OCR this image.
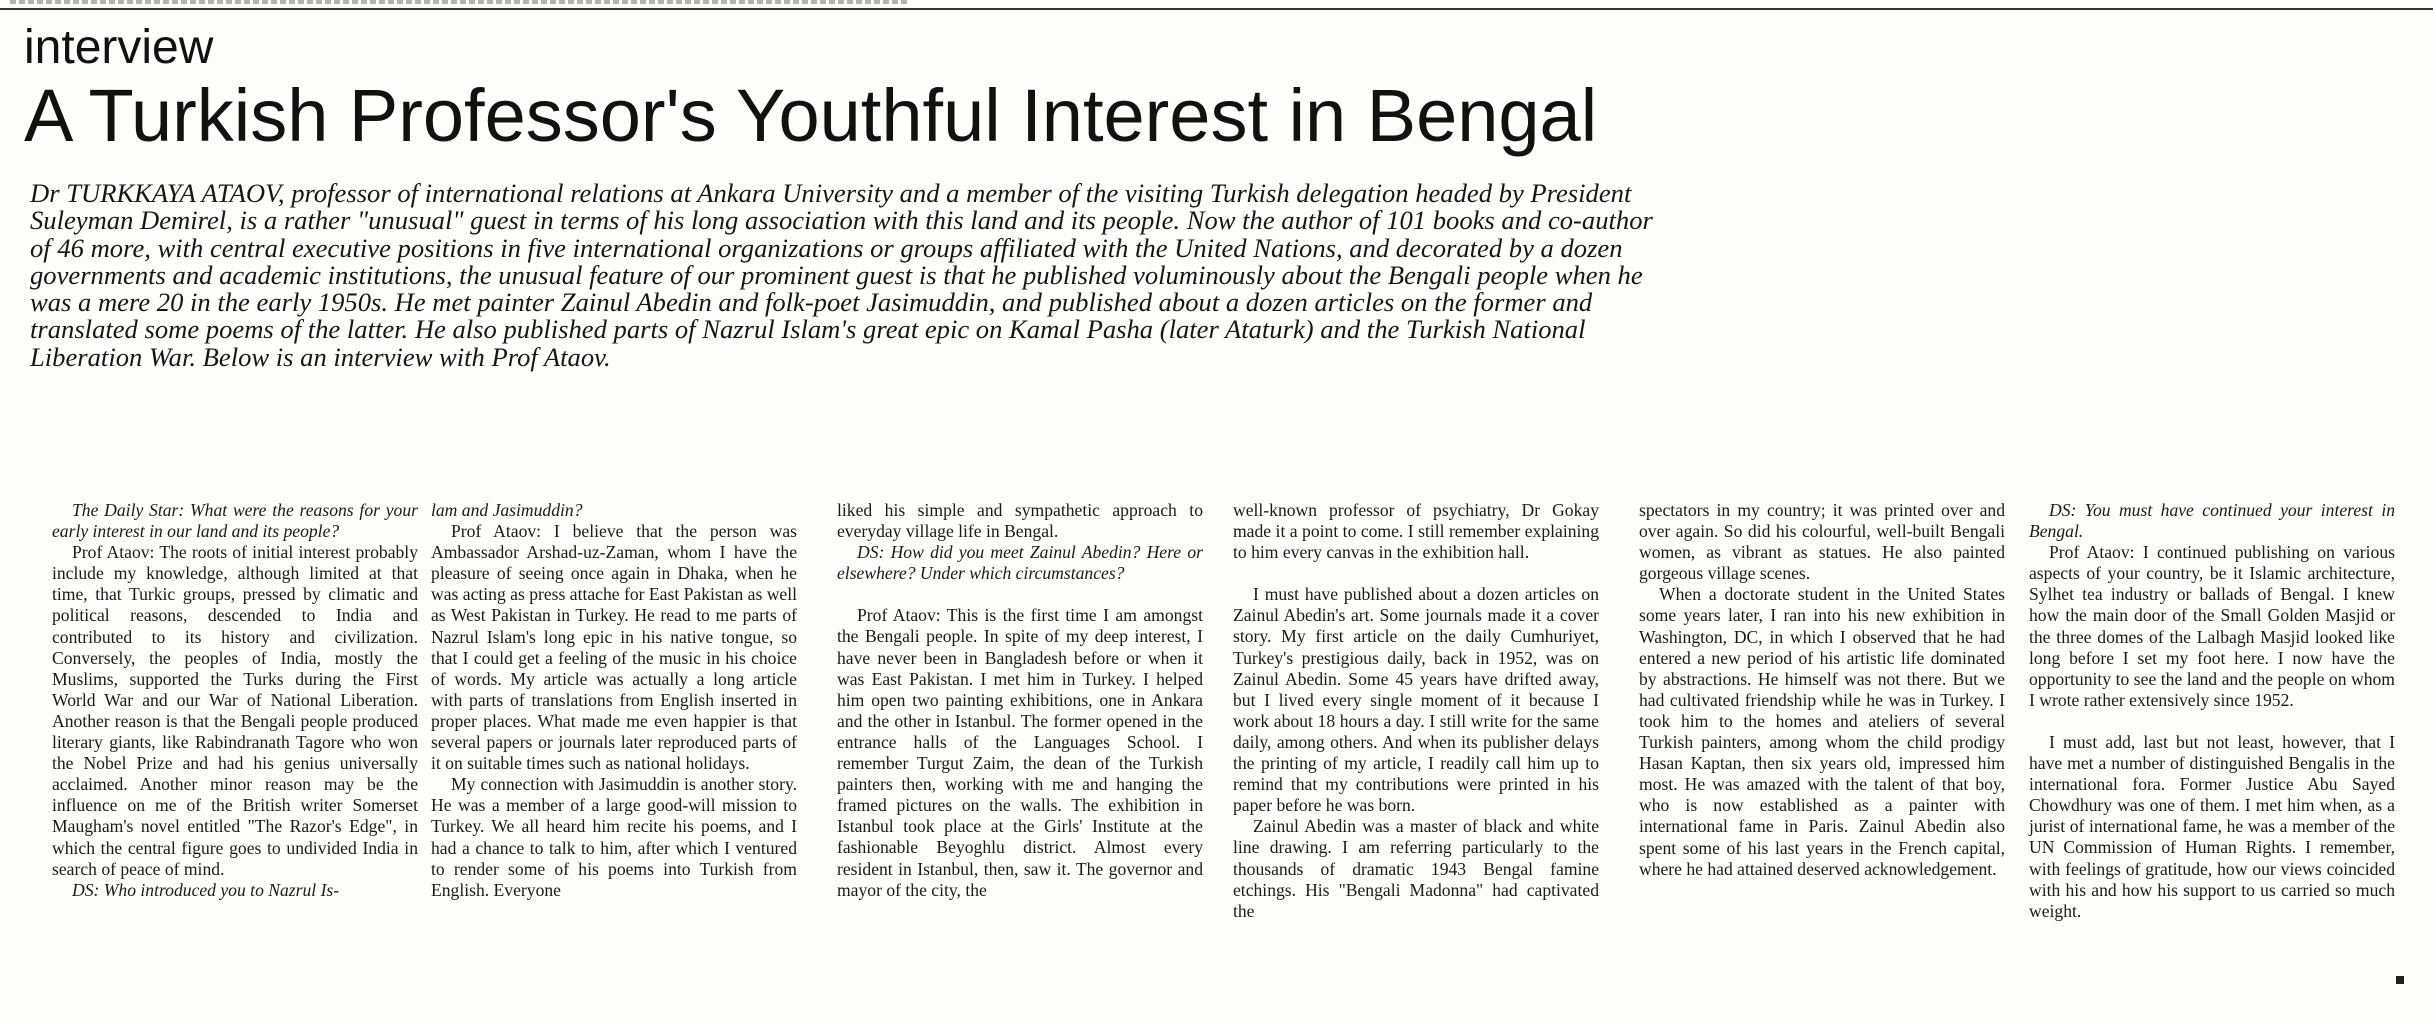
interview
A Turkish Professor's Youthful Interest in Bengal

Dr TURKKAYA ATAOV, professor of international relations at Ankara University and a member of the visiting Turkish delegation headed by President Suleyman Demirel, is a rather "unusual" guest in terms of his long association with this land and its people. Now the author of 101 books and co-author of 46 more, with central executive positions in five international organizations or groups affiliated with the United Nations, and decorated by a dozen governments and academic institutions, the unusual feature of our prominent guest is that he published voluminously about the Bengali people when he was a mere 20 in the early 1950s. He met painter Zainul Abedin and folk-poet Jasimuddin, and published about a dozen articles on the former and translated some poems of the latter. He also published parts of Nazrul Islam's great epic on Kamal Pasha (later Ataturk) and the Turkish National Liberation War. Below is an interview with Prof Ataov.

The Daily Star: What were the reasons for your early interest in our land and its people?

Prof Ataov: The roots of initial interest probably include my knowledge, although limited at that time, that Turkic groups, pressed by climatic and political reasons, descended to India and contributed to its history and civilization. Conversely, the peoples of India, mostly the Muslims, supported the Turks during the First World War and our War of National Liberation. Another reason is that the Bengali people produced literary giants, like Rabindranath Tagore who won the Nobel Prize and had his genius universally acclaimed. Another minor reason may be the influence on me of the British writer Somerset Maugham's novel entitled "The Razor's Edge", in which the central figure goes to undivided India in search of peace of mind.

DS: Who introduced you to Nazrul Is-

lam and Jasimuddin?

Prof Ataov: I believe that the person was Ambassador Arshad-uz-Zaman, whom I have the pleasure of seeing once again in Dhaka, when he was acting as press attache for East Pakistan as well as West Pakistan in Turkey. He read to me parts of Nazrul Islam's long epic in his native tongue, so that I could get a feeling of the music in his choice of words. My article was actually a long article with parts of translations from English inserted in proper places. What made me even happier is that several papers or journals later reproduced parts of it on suitable times such as national holidays.

My connection with Jasimuddin is another story. He was a member of a large good-will mission to Turkey. We all heard him recite his poems, and I had a chance to talk to him, after which I ventured to render some of his poems into Turkish from English. Everyone

liked his simple and sympathetic approach to everyday village life in Bengal.

DS: How did you meet Zainul Abedin? Here or elsewhere? Under which circumstances?

Prof Ataov: This is the first time I am amongst the Bengali people. In spite of my deep interest, I have never been in Bangladesh before or when it was East Pakistan. I met him in Turkey. I helped him open two painting exhibitions, one in Ankara and the other in Istanbul. The former opened in the entrance halls of the Languages School. I remember Turgut Zaim, the dean of the Turkish painters then, working with me and hanging the framed pictures on the walls. The exhibition in Istanbul took place at the Girls' Institute at the fashionable Beyoghlu district. Almost every resident in Istanbul, then, saw it. The governor and mayor of the city, the

well-known professor of psychiatry, Dr Gokay made it a point to come. I still remember explaining to him every canvas in the exhibition hall.

I must have published about a dozen articles on Zainul Abedin's art. Some journals made it a cover story. My first article on the daily Cumhuriyet, Turkey's prestigious daily, back in 1952, was on Zainul Abedin. Some 45 years have drifted away, but I lived every single moment of it because I work about 18 hours a day. I still write for the same daily, among others. And when its publisher delays the printing of my article, I readily call him up to remind that my contributions were printed in his paper before he was born.

Zainul Abedin was a master of black and white line drawing. I am referring particularly to the thousands of dramatic 1943 Bengal famine etchings. His "Bengali Madonna" had captivated the

spectators in my country; it was printed over and over again. So did his colourful, well-built Bengali women, as vibrant as statues. He also painted gorgeous village scenes.

When a doctorate student in the United States some years later, I ran into his new exhibition in Washington, DC, in which I observed that he had entered a new period of his artistic life dominated by abstractions. He himself was not there. But we had cultivated friendship while he was in Turkey. I took him to the homes and ateliers of several Turkish painters, among whom the child prodigy Hasan Kaptan, then six years old, impressed him most. He was amazed with the talent of that boy, who is now established as a painter with international fame in Paris. Zainul Abedin also spent some of his last years in the French capital, where he had attained deserved acknowledgement.

DS: You must have continued your interest in Bengal.

Prof Ataov: I continued publishing on various aspects of your country, be it Islamic architecture, Sylhet tea industry or ballads of Bengal. I knew how the main door of the Small Golden Masjid or the three domes of the Lalbagh Masjid looked like long before I set my foot here. I now have the opportunity to see the land and the people on whom I wrote rather extensively since 1952.

I must add, last but not least, however, that I have met a number of distinguished Bengalis in the international fora. Former Justice Abu Sayed Chowdhury was one of them. I met him when, as a jurist of international fame, he was a member of the UN Commission of Human Rights. I remember, with feelings of gratitude, how our views coincided with his and how his support to us carried so much weight.
